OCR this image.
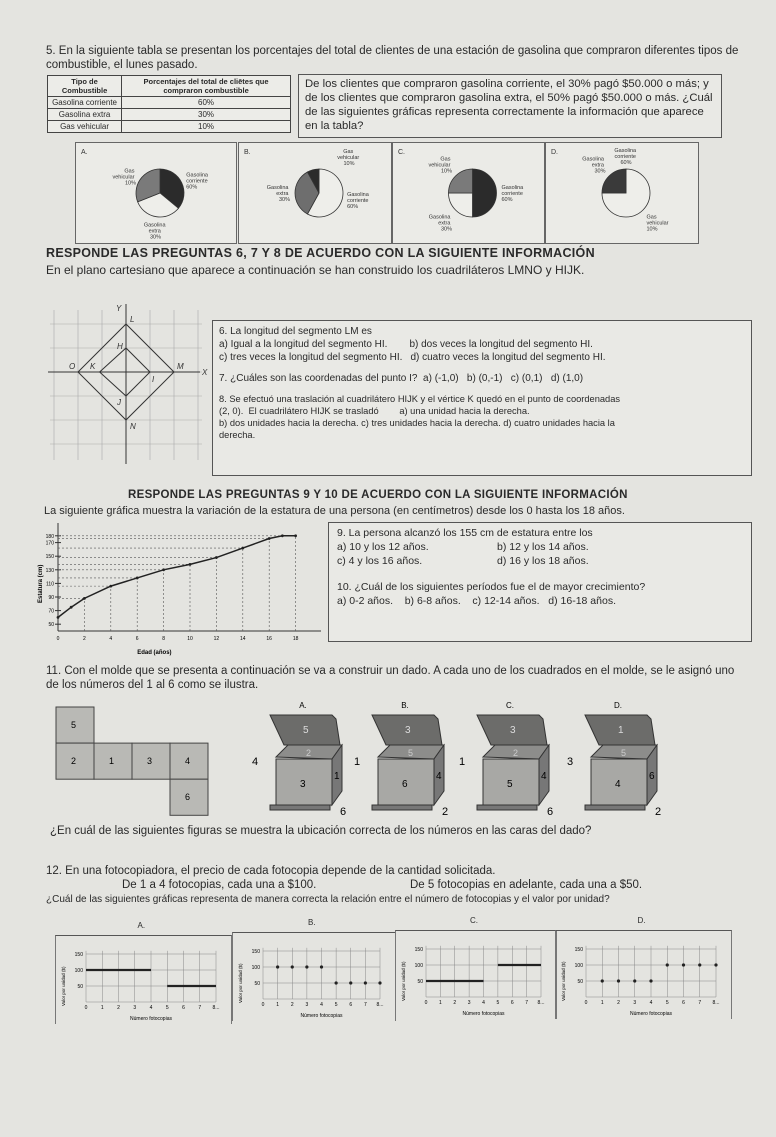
5. En la siguiente tabla se presentan los porcentajes del total de clientes de una estación de gasolina que compraron diferentes tipos de combustible, el lunes pasado.
Tipo de Combustible	Porcentajes del total de cliētes que compraron combustible
Gasolina corriente	60%
Gasolina extra	30%
Gas vehicular	10%
De los clientes que compraron gasolina corriente, el 30% pagó $50.000 o más; y de los clientes que compraron gasolina extra, el 50% pagó $50.000 o más. ¿Cuál de las siguientes gráficas representa correctamente la información que aparece en la tabla?
Gasolina corriente 60%
Gasolina extra 30%
Gas vehicular 10%
A.
Gasolina corriente 60%
Gasolina extra 30%
Gas vehicular 10%
B.
Gasolina corriente 60%
Gasolina extra 30%
Gas vehicular 10%
C.
Gas vehicular 10%
Gasolina extra 30%
Gasolina corriente 60%
D.
RESPONDE LAS PREGUNTAS 6, 7 Y 8 DE ACUERDO CON LA SIGUIENTE INFORMACIÓN
En el plano cartesiano que aparece a continuación se han construido los cuadriláteros LMNO y HIJK.
Y
X
L
M
N
O
H
I
J
K
6. La longitud del segmento LM es
a) Igual a la longitud del segmento HI. b) dos veces la longitud del segmento HI.
c) tres veces la longitud del segmento HI. d) cuatro veces la longitud del segmento HI.
7. ¿Cuáles son las coordenadas del punto I?  a) (-1,0)   b) (0,-1)   c) (0,1)   d) (1,0)
8. Se efectuó una traslación al cuadrilátero HIJK y el vértice K quedó en el punto de coordenadas
(2, 0).  El cuadrilátero HIJK se trasladó        a) una unidad hacia la derecha.
b) dos unidades hacia la derecha. c) tres unidades hacia la derecha. d) cuatro unidades hacia la
derecha.
RESPONDE LAS PREGUNTAS 9 Y 10 DE ACUERDO CON LA SIGUIENTE INFORMACIÓN
La siguiente gráfica muestra la variación de la estatura de una persona (en centímetros) desde los 0 hasta los 18 años.
50
70
90
110
130
150
170
180
0	2	4	6	8	10	12	14	16	18
Edad (años)
Estatura (cm)
9. La persona alcanzó los 155 cm de estatura entre los
a) 10 y los 12 años.	b) 12 y los 14 años.
c) 4 y los 16 años.	d) 16 y los 18 años.
10. ¿Cuál de los siguientes períodos fue el de mayor crecimiento?
a) 0-2 años.    b) 6-8 años.    c) 12-14 años.   d) 16-18 años.
11. Con el molde que se presenta a continuación se va a construir un dado. A cada uno de los cuadrados en el molde, se le asignó uno de los números del 1 al 6 como se ilustra.
5
2	1	3	4
6
A.
5
2
3
1
4
6
B.
3
5
6
4
1
2
C.
3
2
5
4
1
6
D.
1
5
4
6
3
2
¿En cuál de las siguientes figuras se muestra la ubicación correcta de los números en las caras del dado?
12. En una fotocopiadora, el precio de cada fotocopia depende de la cantidad solicitada.
De 1 a 4 fotocopias, cada una a $100.	De 5 fotocopias en adelante, cada una a $50.
¿Cuál de las siguientes gráficas representa de manera correcta la relación entre el número de fotocopias y el valor por unidad?
A.	B.	C.	D.
50
100
150
0	1	2	3	4	5	6	7 8...
Número fotocopias
Valor por unidad ($)	50
100
150
0 1 2 3 4 5 6 7 8...
Número fotocopias
Valor por unidad ($)	50
100
150
0 1 2 3 4 5 6 7 8...
Número fotocopias
Valor por unidad ($)	50
100
150
0	1	2	3	4	5	6	7 8...
Número fotocopias
Valor por unidad ($)
